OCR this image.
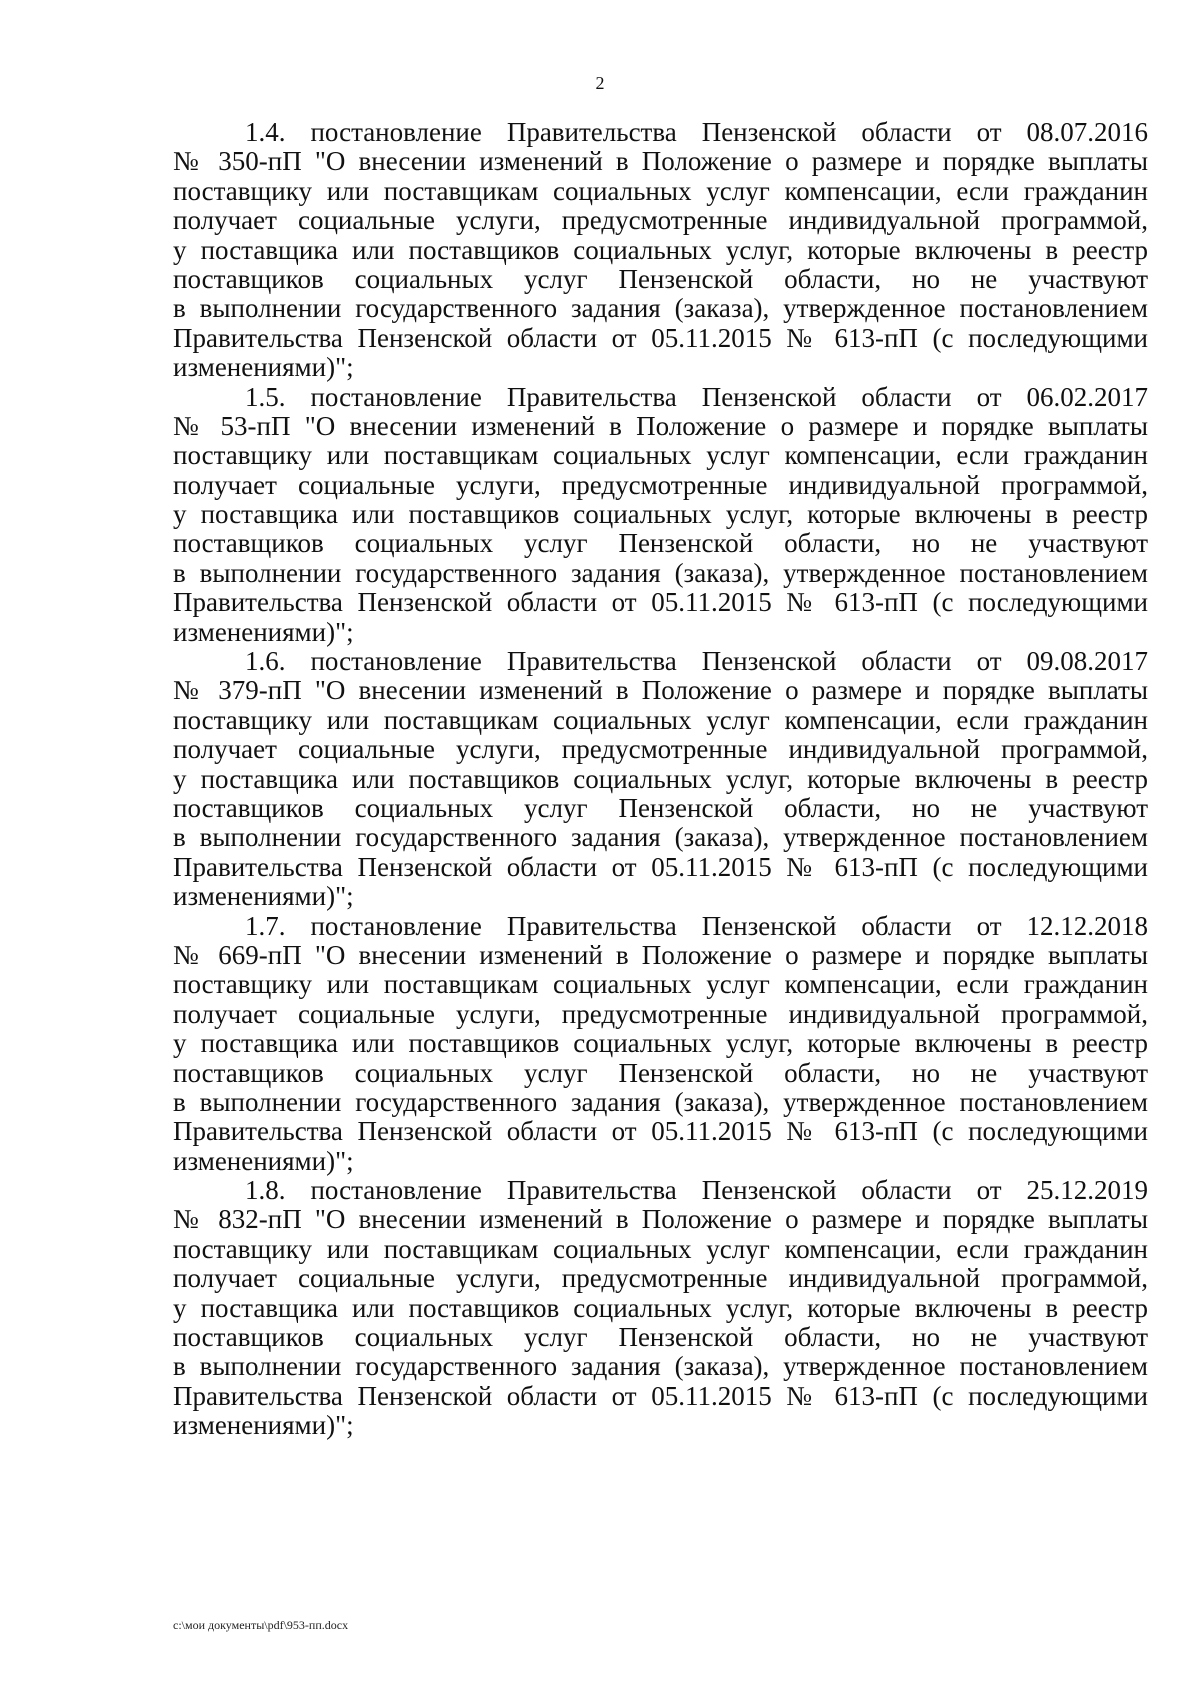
2
1.4. постановление Правительства Пензенской области от 08.07.2016
№ 350-пП "О внесении изменений в Положение о размере и порядке выплаты
поставщику или поставщикам социальных услуг компенсации, если гражданин
получает социальные услуги, предусмотренные индивидуальной программой,
у поставщика или поставщиков социальных услуг, которые включены в реестр
поставщиков социальных услуг Пензенской области, но не участвуют
в выполнении государственного задания (заказа), утвержденное постановлением
Правительства Пензенской области от 05.11.2015 № 613-пП (с последующими
изменениями)";
1.5. постановление Правительства Пензенской области от 06.02.2017
№ 53-пП "О внесении изменений в Положение о размере и порядке выплаты
поставщику или поставщикам социальных услуг компенсации, если гражданин
получает социальные услуги, предусмотренные индивидуальной программой,
у поставщика или поставщиков социальных услуг, которые включены в реестр
поставщиков социальных услуг Пензенской области, но не участвуют
в выполнении государственного задания (заказа), утвержденное постановлением
Правительства Пензенской области от 05.11.2015 № 613-пП (с последующими
изменениями)";
1.6. постановление Правительства Пензенской области от 09.08.2017
№ 379-пП "О внесении изменений в Положение о размере и порядке выплаты
поставщику или поставщикам социальных услуг компенсации, если гражданин
получает социальные услуги, предусмотренные индивидуальной программой,
у поставщика или поставщиков социальных услуг, которые включены в реестр
поставщиков социальных услуг Пензенской области, но не участвуют
в выполнении государственного задания (заказа), утвержденное постановлением
Правительства Пензенской области от 05.11.2015 № 613-пП (с последующими
изменениями)";
1.7. постановление Правительства Пензенской области от 12.12.2018
№ 669-пП "О внесении изменений в Положение о размере и порядке выплаты
поставщику или поставщикам социальных услуг компенсации, если гражданин
получает социальные услуги, предусмотренные индивидуальной программой,
у поставщика или поставщиков социальных услуг, которые включены в реестр
поставщиков социальных услуг Пензенской области, но не участвуют
в выполнении государственного задания (заказа), утвержденное постановлением
Правительства Пензенской области от 05.11.2015 № 613-пП (с последующими
изменениями)";
1.8. постановление Правительства Пензенской области от 25.12.2019
№ 832-пП "О внесении изменений в Положение о размере и порядке выплаты
поставщику или поставщикам социальных услуг компенсации, если гражданин
получает социальные услуги, предусмотренные индивидуальной программой,
у поставщика или поставщиков социальных услуг, которые включены в реестр
поставщиков социальных услуг Пензенской области, но не участвуют
в выполнении государственного задания (заказа), утвержденное постановлением
Правительства Пензенской области от 05.11.2015 № 613-пП (с последующими
изменениями)";
c:\мои документы\pdf\953-пп.docx
